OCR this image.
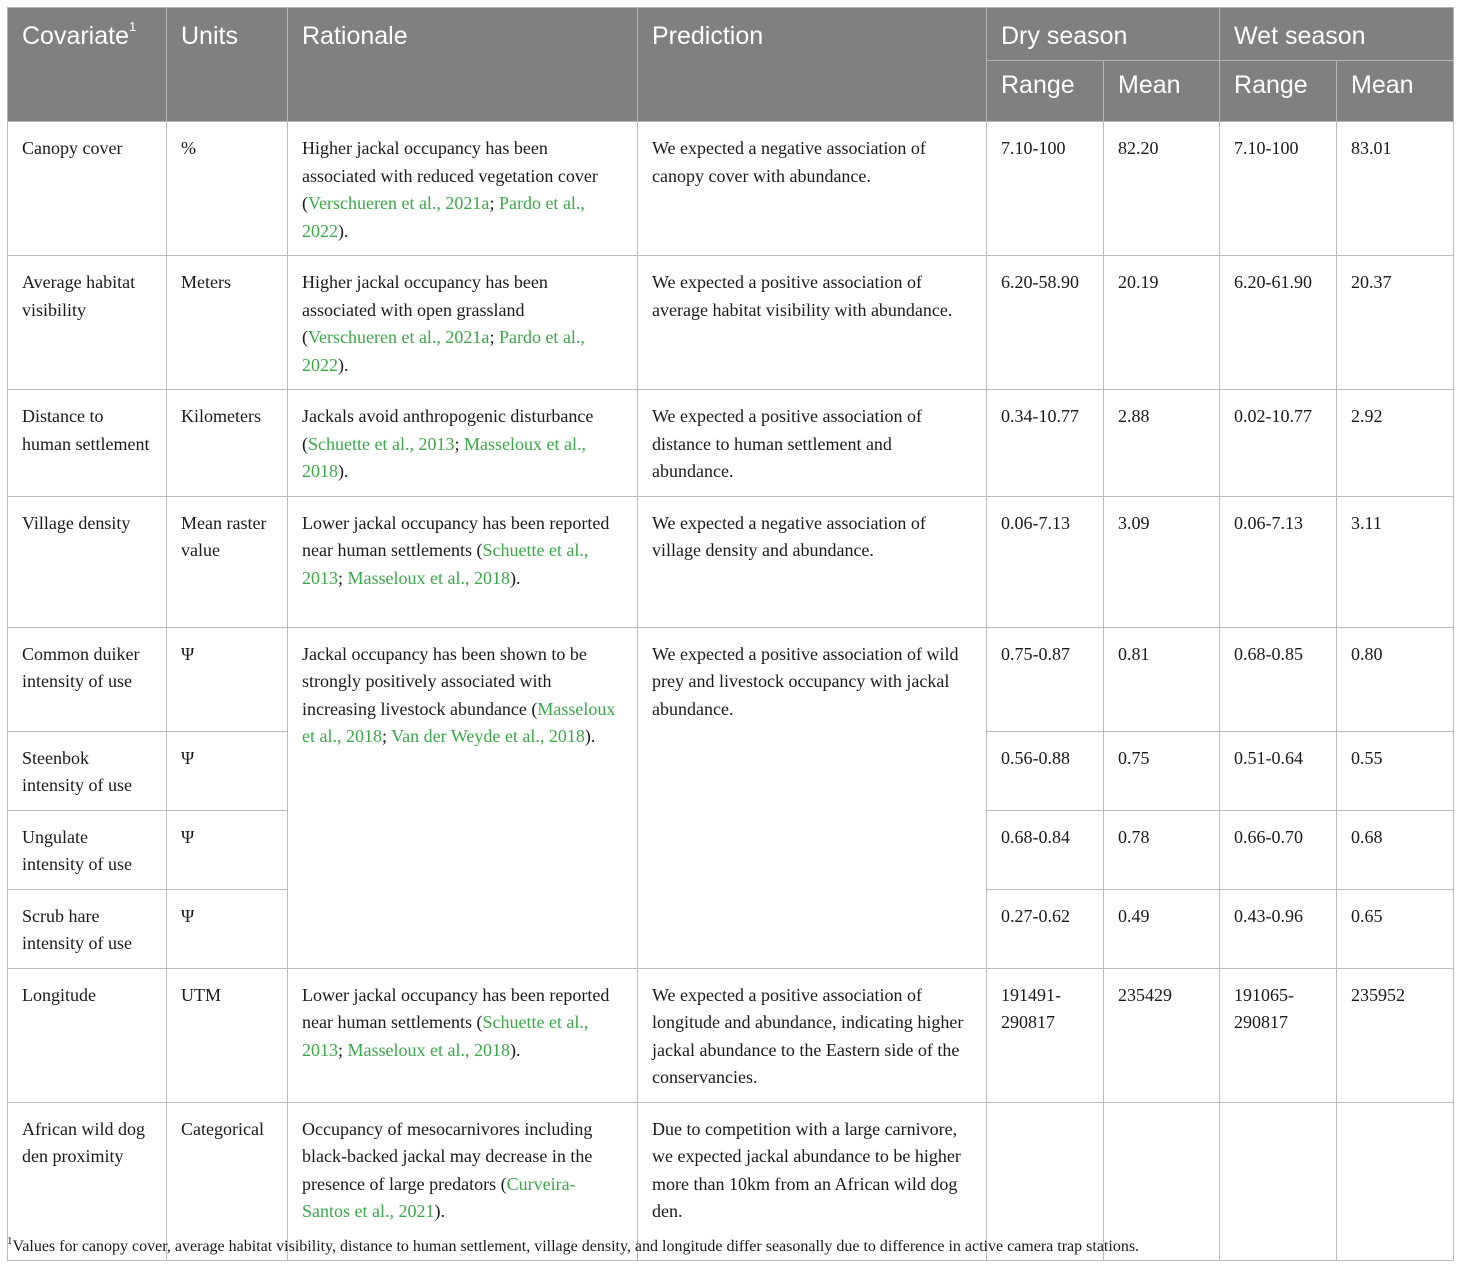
Covariate$^1$	Units	Rationale	Prediction	Dry season		Wet season	
				Range	Mean	Range	Mean
Canopy cover	%	Higher jackal occupancy has been associated with reduced vegetation cover (Verschueren et al., 2021a; Pardo et al., 2022).	We expected a negative association of canopy cover with abundance.	7.10-100	82.20	7.10-100	83.01
Average habitat visibility	Meters	Higher jackal occupancy has been associated with open grassland (Verschueren et al., 2021a; Pardo et al., 2022).	We expected a positive association of average habitat visibility with abundance.	6.20-58.90	20.19	6.20-61.90	20.37
Distance to human settlement	Kilometers	Jackals avoid anthropogenic disturbance (Schuette et al., 2013; Masseloux et al., 2018).	We expected a positive association of distance to human settlement and abundance.	0.34-10.77	2.88	0.02-10.77	2.92
Village density	Mean raster value	Lower jackal occupancy has been reported near human settlements (Schuette et al., 2013; Masseloux et al., 2018).	We expected a negative association of village density and abundance.	0.06-7.13	3.09	0.06-7.13	3.11
Common duiker intensity of use	Ψ	Jackal occupancy has been shown to be strongly positively associated with increasing livestock abundance (Masseloux et al., 2018; Van der Weyde et al., 2018).	We expected a positive association of wild prey and livestock occupancy with jackal abundance.	0.75-0.87	0.81	0.68-0.85	0.80
Steenbok intensity of use	Ψ			0.56-0.88	0.75	0.51-0.64	0.55
Ungulate intensity of use	Ψ			0.68-0.84	0.78	0.66-0.70	0.68
Scrub hare intensity of use	Ψ			0.27-0.62	0.49	0.43-0.96	0.65
Longitude	UTM	Lower jackal occupancy has been reported near human settlements (Schuette et al., 2013; Masseloux et al., 2018).	We expected a positive association of longitude and abundance, indicating higher jackal abundance to the Eastern side of the conservancies.	191491-290817	235429	191065-290817	235952
African wild dog den proximity	Categorical	Occupancy of mesocarnivores including black-backed jackal may decrease in the presence of large predators (Curveira-Santos et al., 2021).	Due to competition with a large carnivore, we expected jackal abundance to be higher more than 10km from an African wild dog den.				
$^1$Values for canopy cover, average habitat visibility, distance to human settlement, village density, and longitude differ seasonally due to difference in active camera trap stations.
